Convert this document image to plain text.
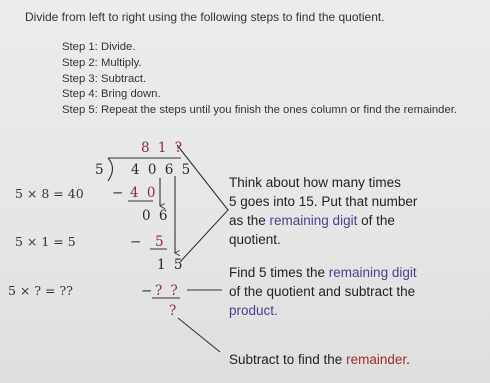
Divide from left to right using the following steps to find the quotient.
Step 1: Divide.
Step 2: Multiply.
Step 3: Subtract.
Step 4: Bring down.
Step 5: Repeat the steps until you finish the ones column or find the remainder.
5 × 8 = 40
5 × 1 = 5
5 × ? = ??
8 1 ?
5 4 0 6 5
− 4 0
0 6
− 5
1 5
− ? ?
?
Think about how many times
5 goes into 15. Put that number
as the remaining digit of the
quotient.
Find 5 times the remaining digit
of the quotient and subtract the
product.
Subtract to find the remainder.
